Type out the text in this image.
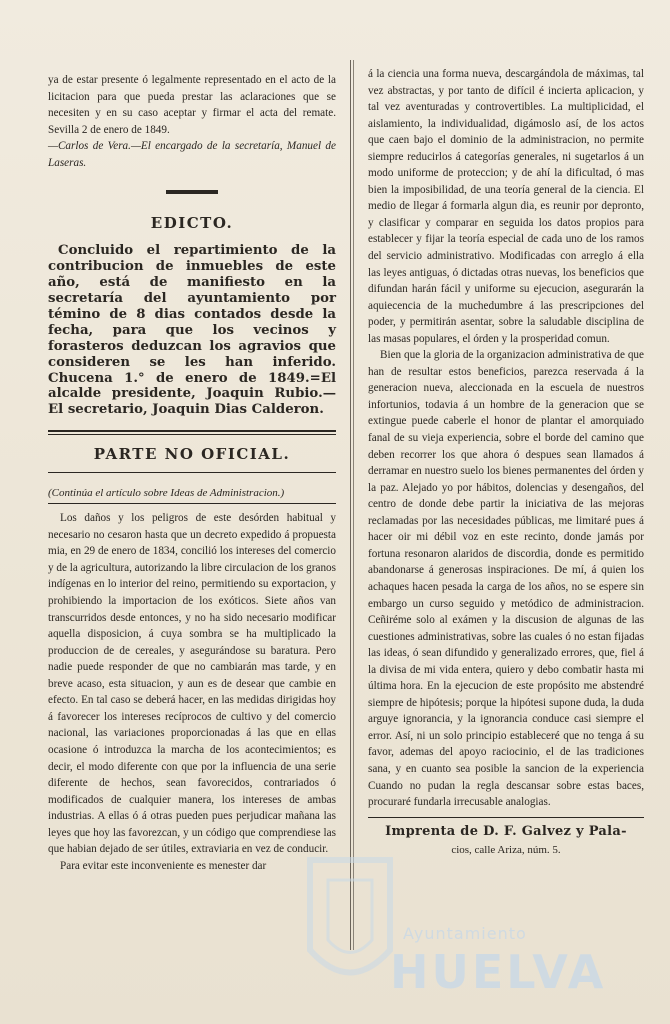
ya de estar presente ó legalmente representado en el acto de la licitacion para que pueda prestar las aclaraciones que se necesiten y en su caso aceptar y firmar el acta del remate. Sevilla 2 de enero de 1849.

—Carlos de Vera.—El encargado de la secretaría, Manuel de Laseras.

EDICTO.

Concluido el repartimiento de la contribucion de inmuebles de este año, está de manifiesto en la secretaría del ayuntamiento por témino de 8 dias contados desde la fecha, para que los vecinos y forasteros deduzcan los agravios que consideren se les han inferido. Chucena 1.° de enero de 1849.=El alcalde presidente, Joaquin Rubio.— El secretario, Joaquin Dias Calderon.

PARTE NO OFICIAL.

(Continúa el artículo sobre Ideas de Administracion.)

Los daños y los peligros de este desórden habitual y necesario no cesaron hasta que un decreto expedido á propuesta mia, en 29 de enero de 1834, concilió los intereses del comercio y de la agricultura, autorizando la libre circulacion de los granos indígenas en lo interior del reino, permitiendo su exportacion, y prohibiendo la importacion de los exóticos. Siete años van transcurridos desde entonces, y no ha sido necesario modificar aquella disposicion, á cuya sombra se ha multiplicado la produccion de de cereales, y asegurándose su baratura. Pero nadie puede responder de que no cambiarán mas tarde, y en breve acaso, esta situacion, y aun es de desear que cambie en efecto. En tal caso se deberá hacer, en las medidas dirigidas hoy á favorecer los intereses recíprocos de cultivo y del comercio nacional, las variaciones proporcionadas á las que en ellas ocasione ó introduzca la marcha de los acontecimientos; es decir, el modo diferente con que por la influencia de una serie diferente de hechos, sean favorecidos, contrariados ó modificados de cualquier manera, los intereses de ambas industrias. A ellas ó á otras pueden pues perjudicar mañana las leyes que hoy las favorezcan, y un código que comprendiese las que habian dejado de ser útiles, extraviaria en vez de conducir.

Para evitar este inconveniente es menester dar

á la ciencia una forma nueva, descargándola de máximas, tal vez abstractas, y por tanto de difícil é incierta aplicacion, y tal vez aventuradas y controvertibles. La multiplicidad, el aislamiento, la individualidad, digámoslo así, de los actos que caen bajo el dominio de la administracion, no permite siempre reducirlos á categorías generales, ni sugetarlos á un modo uniforme de proteccion; y de ahí la dificultad, ó mas bien la imposibilidad, de una teoría general de la ciencia. El medio de llegar á formarla algun dia, es reunir por depronto, y clasificar y comparar en seguida los datos propios para establecer y fijar la teoría especial de cada uno de los ramos del servicio administrativo. Modificadas con arreglo á ella las leyes antiguas, ó dictadas otras nuevas, los beneficios que difundan harán fácil y uniforme su ejecucion, asegurarán la aquiecencia de la muchedumbre á las prescripciones del poder, y permitirán asentar, sobre la saludable disciplina de las masas populares, el órden y la prosperidad comun.

Bien que la gloria de la organizacion administrativa de que han de resultar estos beneficios, parezca reservada á la generacion nueva, aleccionada en la escuela de nuestros infortunios, todavia á un hombre de la generacion que se extingue puede caberle el honor de plantar el amorquiado fanal de su vieja experiencia, sobre el borde del camino que deben recorrer los que ahora ó despues sean llamados á derramar en nuestro suelo los bienes permanentes del órden y la paz. Alejado yo por hábitos, dolencias y desengaños, del centro de donde debe partir la iniciativa de las mejoras reclamadas por las necesidades públicas, me limitaré pues á hacer oir mi débil voz en este recinto, donde jamás por fortuna resonaron alaridos de discordia, donde es permitido abandonarse á generosas inspiraciones. De mí, á quien los achaques hacen pesada la carga de los años, no se espere sin embargo un curso seguido y metódico de administracion. Ceñiréme solo al exámen y la discusion de algunas de las cuestiones administrativas, sobre las cuales ó no estan fijadas las ideas, ó sean difundido y generalizado errores, que, fiel á la divisa de mi vida entera, quiero y debo combatir hasta mi última hora. En la ejecucion de este propósito me abstendré siempre de hipótesis; porque la hipótesi supone duda, la duda arguye ignorancia, y la ignorancia conduce casi siempre el error. Así, ni un solo principio estableceré que no tenga á su favor, ademas del apoyo raciocinio, el de las tradiciones sana, y en cuanto sea posible la sancion de la experiencia Cuando no pudan la regla descansar sobre estas baces, procuraré fundarla irrecusable analogias.

Imprenta de D. F. Galvez y Pala-
cios, calle Ariza, núm. 5.
Ayuntamiento
HUELVA
